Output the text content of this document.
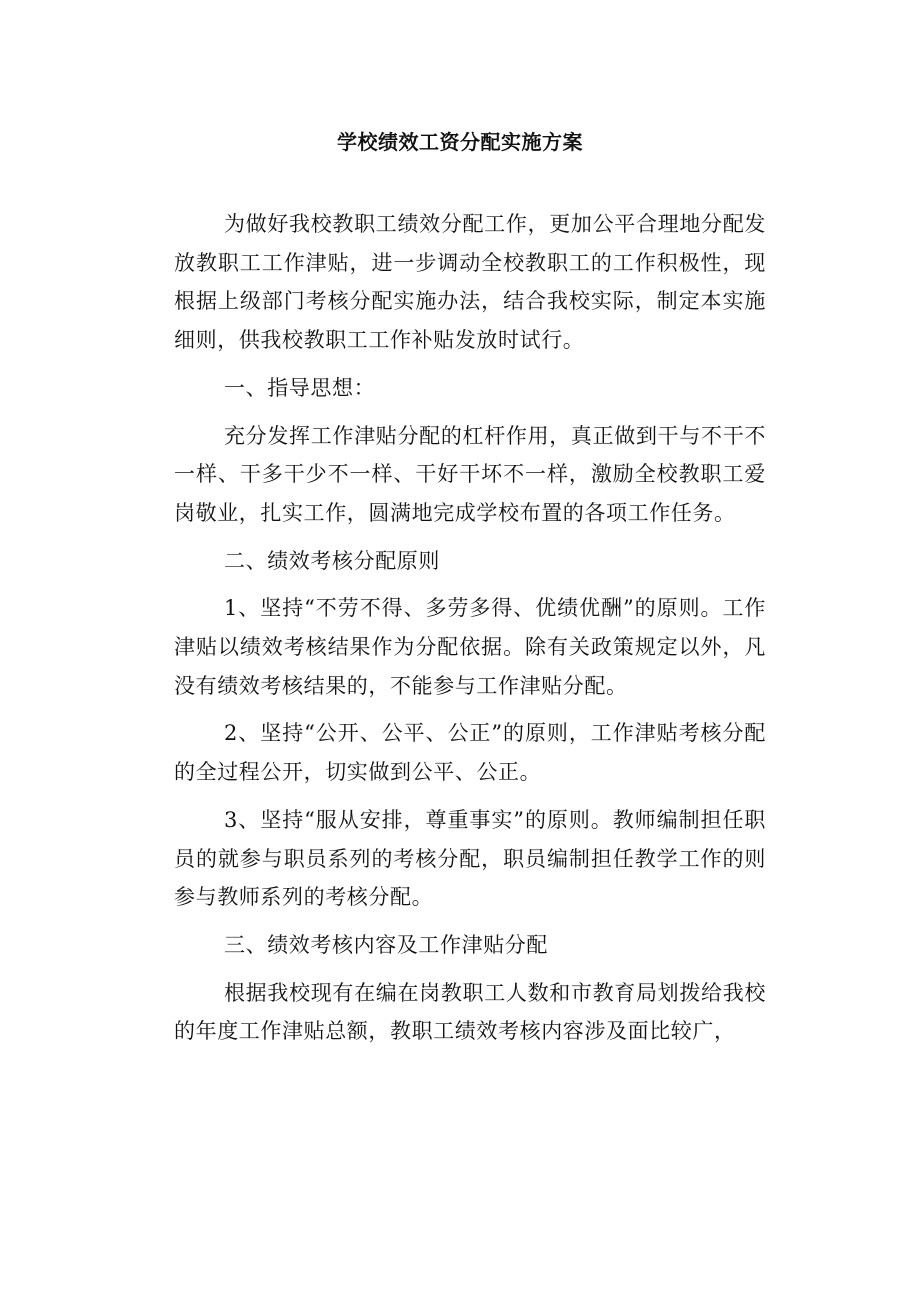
学校绩效工资分配实施方案

为做好我校教职工绩效分配工作，更加公平合理地分配发放教职工工作津贴，进一步调动全校教职工的工作积极性，现根据上级部门考核分配实施办法，结合我校实际，制定本实施细则，供我校教职工工作补贴发放时试行。

一、指导思想：

充分发挥工作津贴分配的杠杆作用，真正做到干与不干不一样、干多干少不一样、干好干坏不一样，激励全校教职工爱岗敬业，扎实工作，圆满地完成学校布置的各项工作任务。

二、绩效考核分配原则

1、坚持“不劳不得、多劳多得、优绩优酬”的原则。工作津贴以绩效考核结果作为分配依据。除有关政策规定以外，凡没有绩效考核结果的，不能参与工作津贴分配。

2、坚持“公开、公平、公正”的原则，工作津贴考核分配的全过程公开，切实做到公平、公正。

3、坚持“服从安排，尊重事实”的原则。教师编制担任职员的就参与职员系列的考核分配，职员编制担任教学工作的则参与教师系列的考核分配。

三、绩效考核内容及工作津贴分配

根据我校现有在编在岗教职工人数和市教育局划拨给我校的年度工作津贴总额，教职工绩效考核内容涉及面比较广，
